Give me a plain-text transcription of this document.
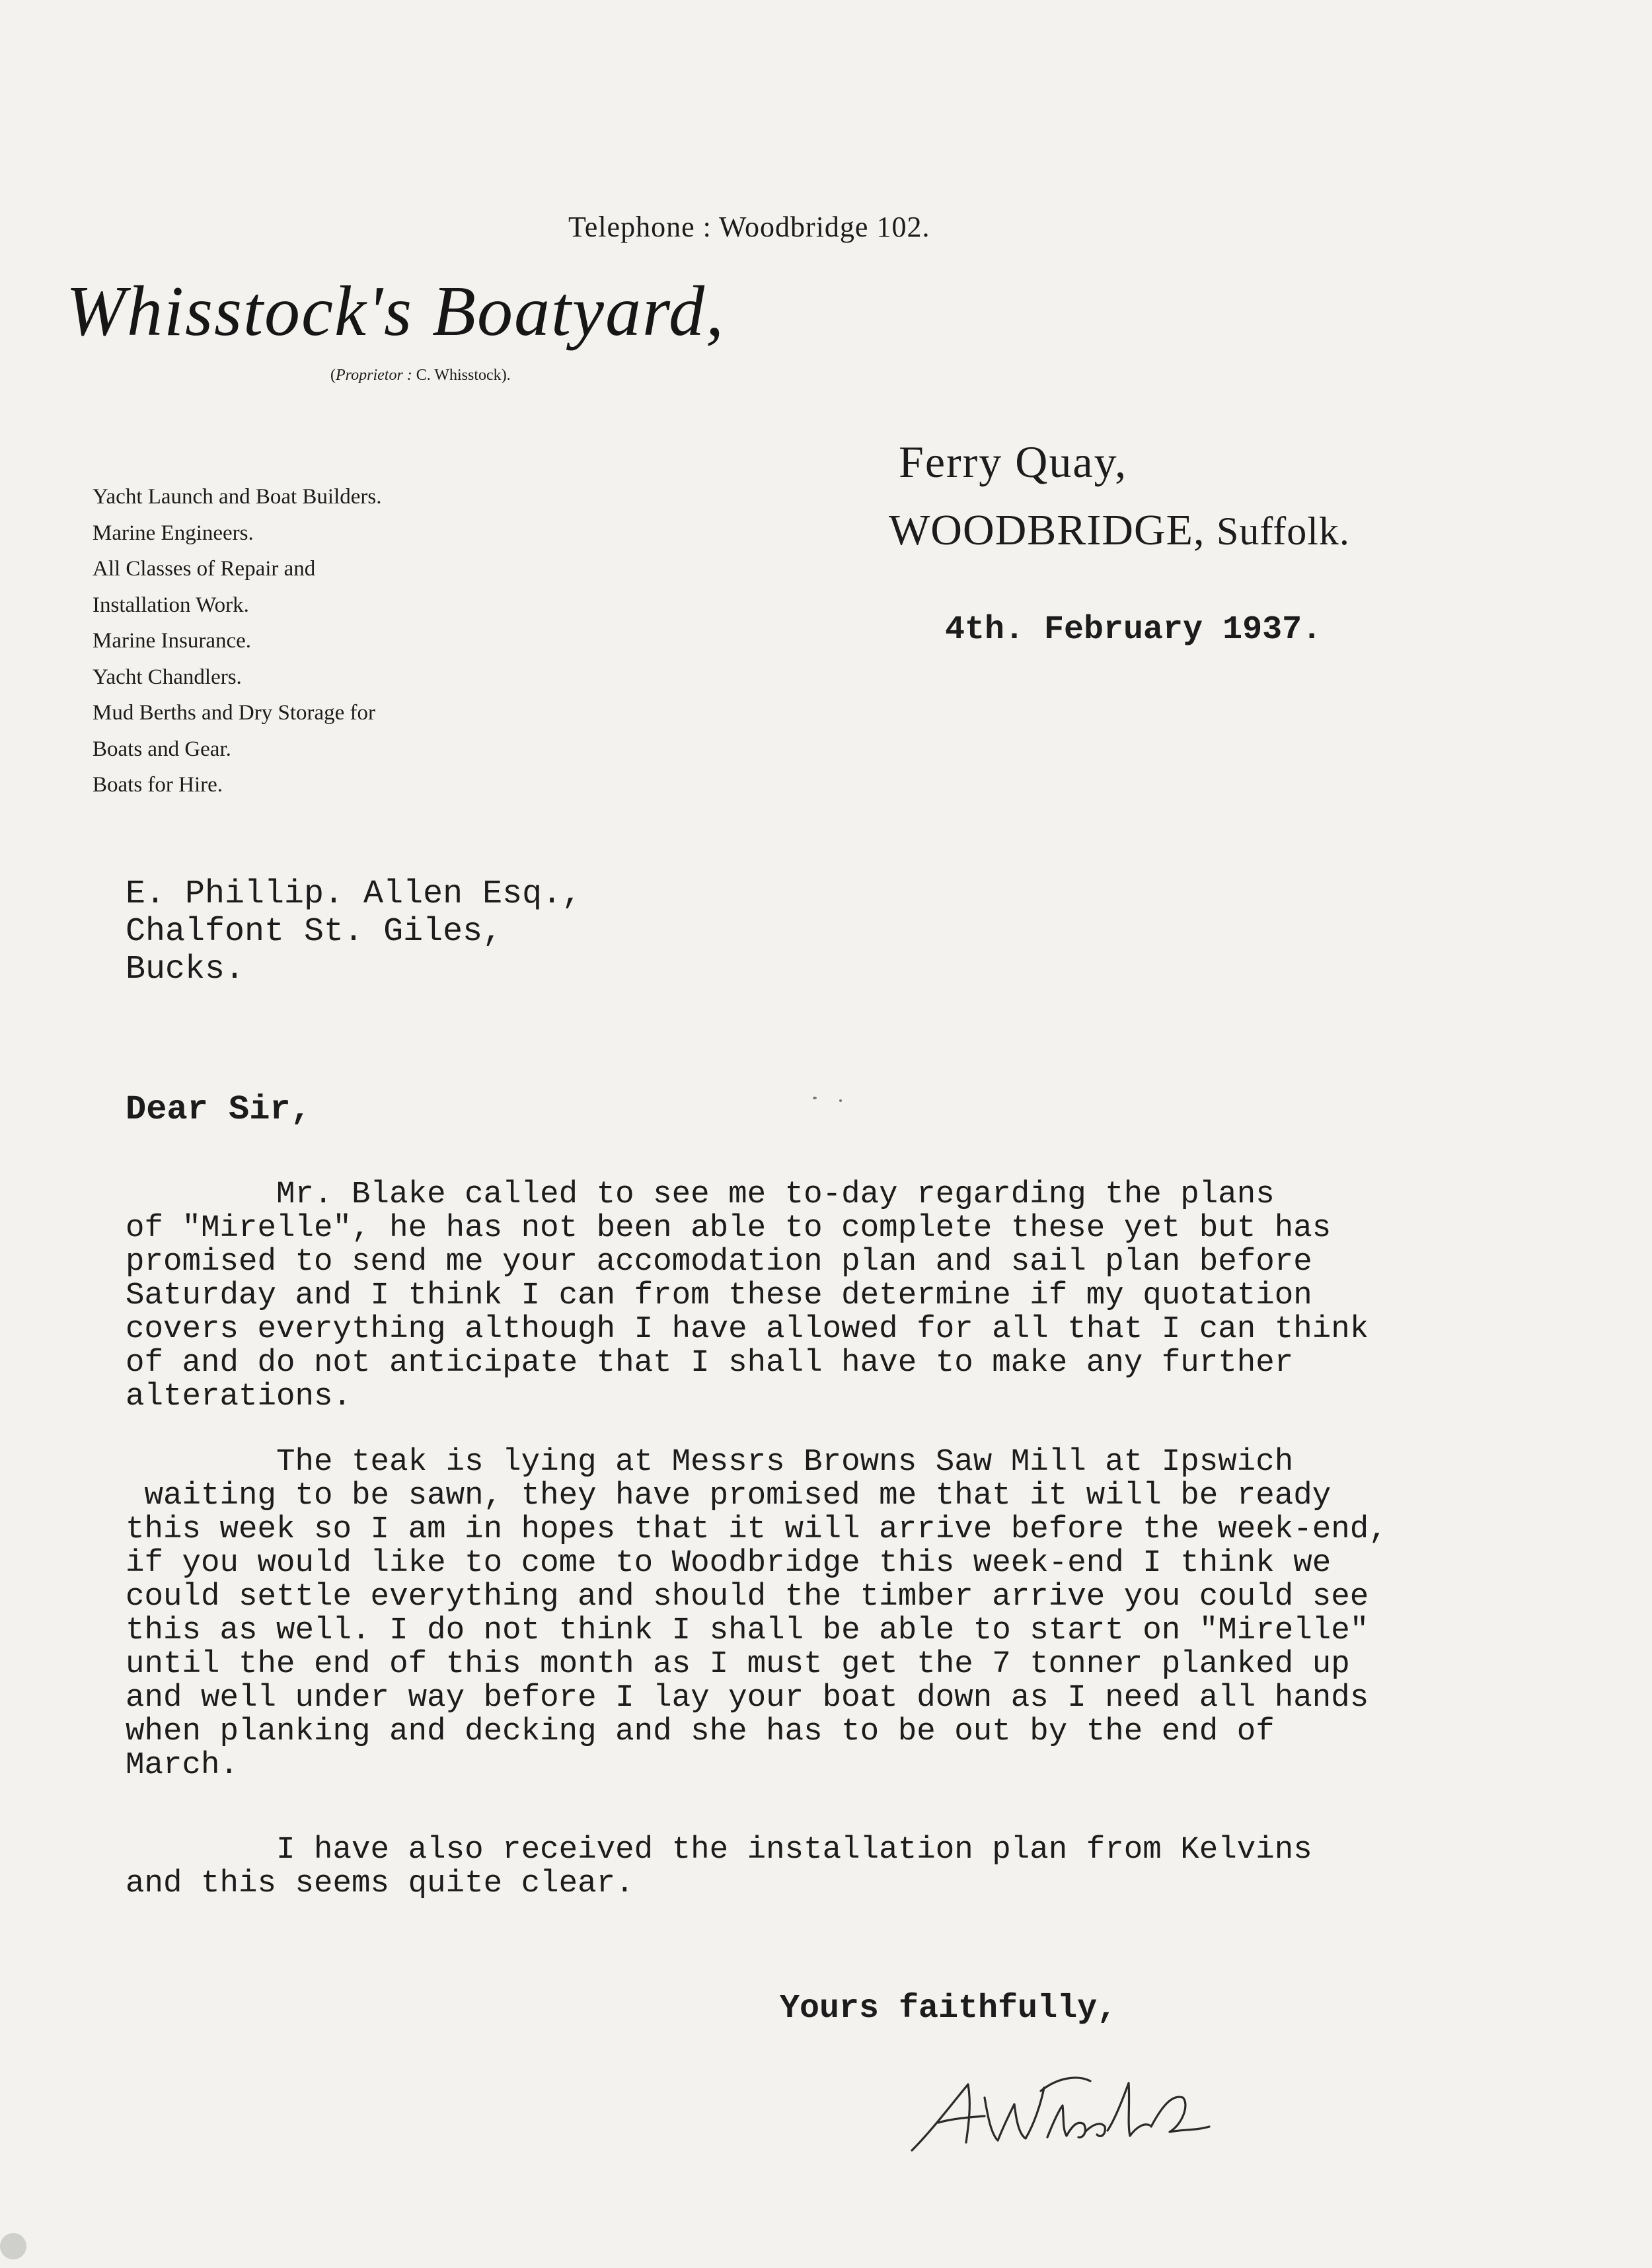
Telephone : Woodbridge 102.
Whisstock's Boatyard,
(Proprietor : C. Whisstock).
Yacht Launch and Boat Builders.
Marine Engineers.
All Classes of Repair and
Installation Work.
Marine Insurance.
Yacht Chandlers.
Mud Berths and Dry Storage for
Boats and Gear.
Boats for Hire.
Ferry Quay,
WOODBRIDGE, Suffolk.
4th. February 1937.
E. Phillip. Allen Esq.,
Chalfont St. Giles,
Bucks.
Dear Sir,
Mr. Blake called to see me to-day regarding the plans
of "Mirelle", he has not been able to complete these yet but has
promised to send me your accomodation plan and sail plan before
Saturday and I think I can from these determine if my quotation
covers everything although I have allowed for all that I can think
of and do not anticipate that I shall have to make any further
alterations.
The teak is lying at Messrs Browns Saw Mill at Ipswich
waiting to be sawn, they have promised me that it will be ready
this week so I am in hopes that it will arrive before the week-end,
if you would like to come to Woodbridge this week-end I think we
could settle everything and should the timber arrive you could see
this as well. I do not think I shall be able to start on "Mirelle"
until the end of this month as I must get the 7 tonner planked up
and well under way before I lay your boat down as I need all hands
when planking and decking and she has to be out by the end of
March.
I have also received the installation plan from Kelvins
and this seems quite clear.
Yours faithfully,
